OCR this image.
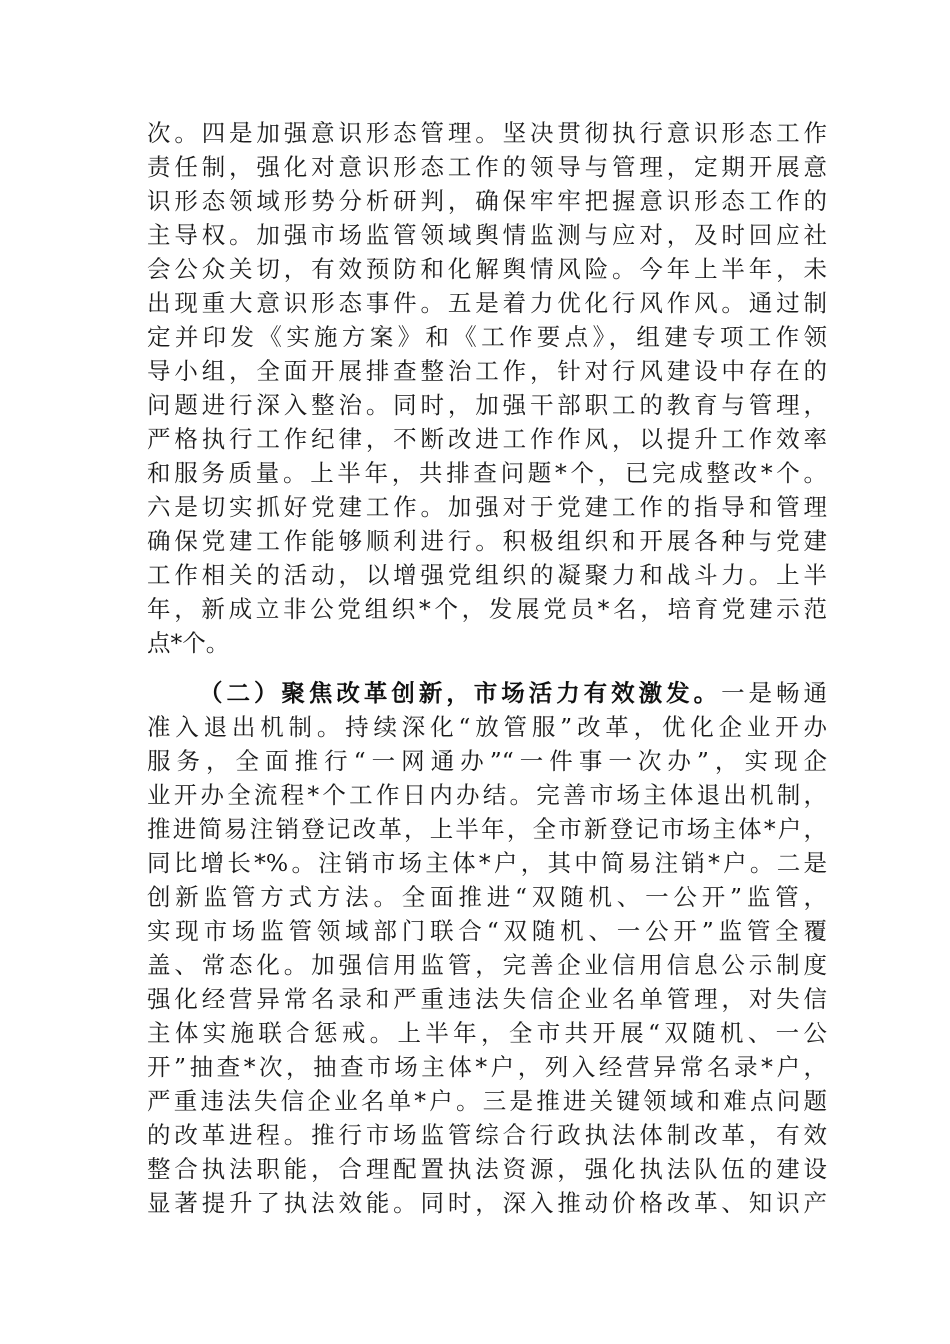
次。四是加强意识形态管理。坚决贯彻执行意识形态工作
责任制，强化对意识形态工作的领导与管理，定期开展意
识形态领域形势分析研判，确保牢牢把握意识形态工作的
主导权。加强市场监管领域舆情监测与应对，及时回应社
会公众关切，有效预防和化解舆情风险。今年上半年，未
出现重大意识形态事件。五是着力优化行风作风。通过制
定并印发《实施方案》和《工作要点》，组建专项工作领
导小组，全面开展排查整治工作，针对行风建设中存在的
问题进行深入整治。同时，加强干部职工的教育与管理，
严格执行工作纪律，不断改进工作作风，以提升工作效率
和服务质量。上半年，共排查问题*个，已完成整改*个。
六是切实抓好党建工作。加强对于党建工作的指导和管理
确保党建工作能够顺利进行。积极组织和开展各种与党建
工作相关的活动，以增强党组织的凝聚力和战斗力。上半
年，新成立非公党组织*个，发展党员*名，培育党建示范
点*个。
（二）聚焦改革创新，市场活力有效激发。一是畅通
准入退出机制。持续深化“放管服”改革，优化企业开办
服务，全面推行“一网通办”“一件事一次办”，实现企
业开办全流程*个工作日内办结。完善市场主体退出机制，
推进简易注销登记改革，上半年，全市新登记市场主体*户，
同比增长*%。注销市场主体*户，其中简易注销*户。二是
创新监管方式方法。全面推进“双随机、一公开”监管，
实现市场监管领域部门联合“双随机、一公开”监管全覆
盖、常态化。加强信用监管，完善企业信用信息公示制度
强化经营异常名录和严重违法失信企业名单管理，对失信
主体实施联合惩戒。上半年，全市共开展“双随机、一公
开”抽查*次，抽查市场主体*户，列入经营异常名录*户，
严重违法失信企业名单*户。三是推进关键领域和难点问题
的改革进程。推行市场监管综合行政执法体制改革，有效
整合执法职能，合理配置执法资源，强化执法队伍的建设
显著提升了执法效能。同时，深入推动价格改革、知识产
